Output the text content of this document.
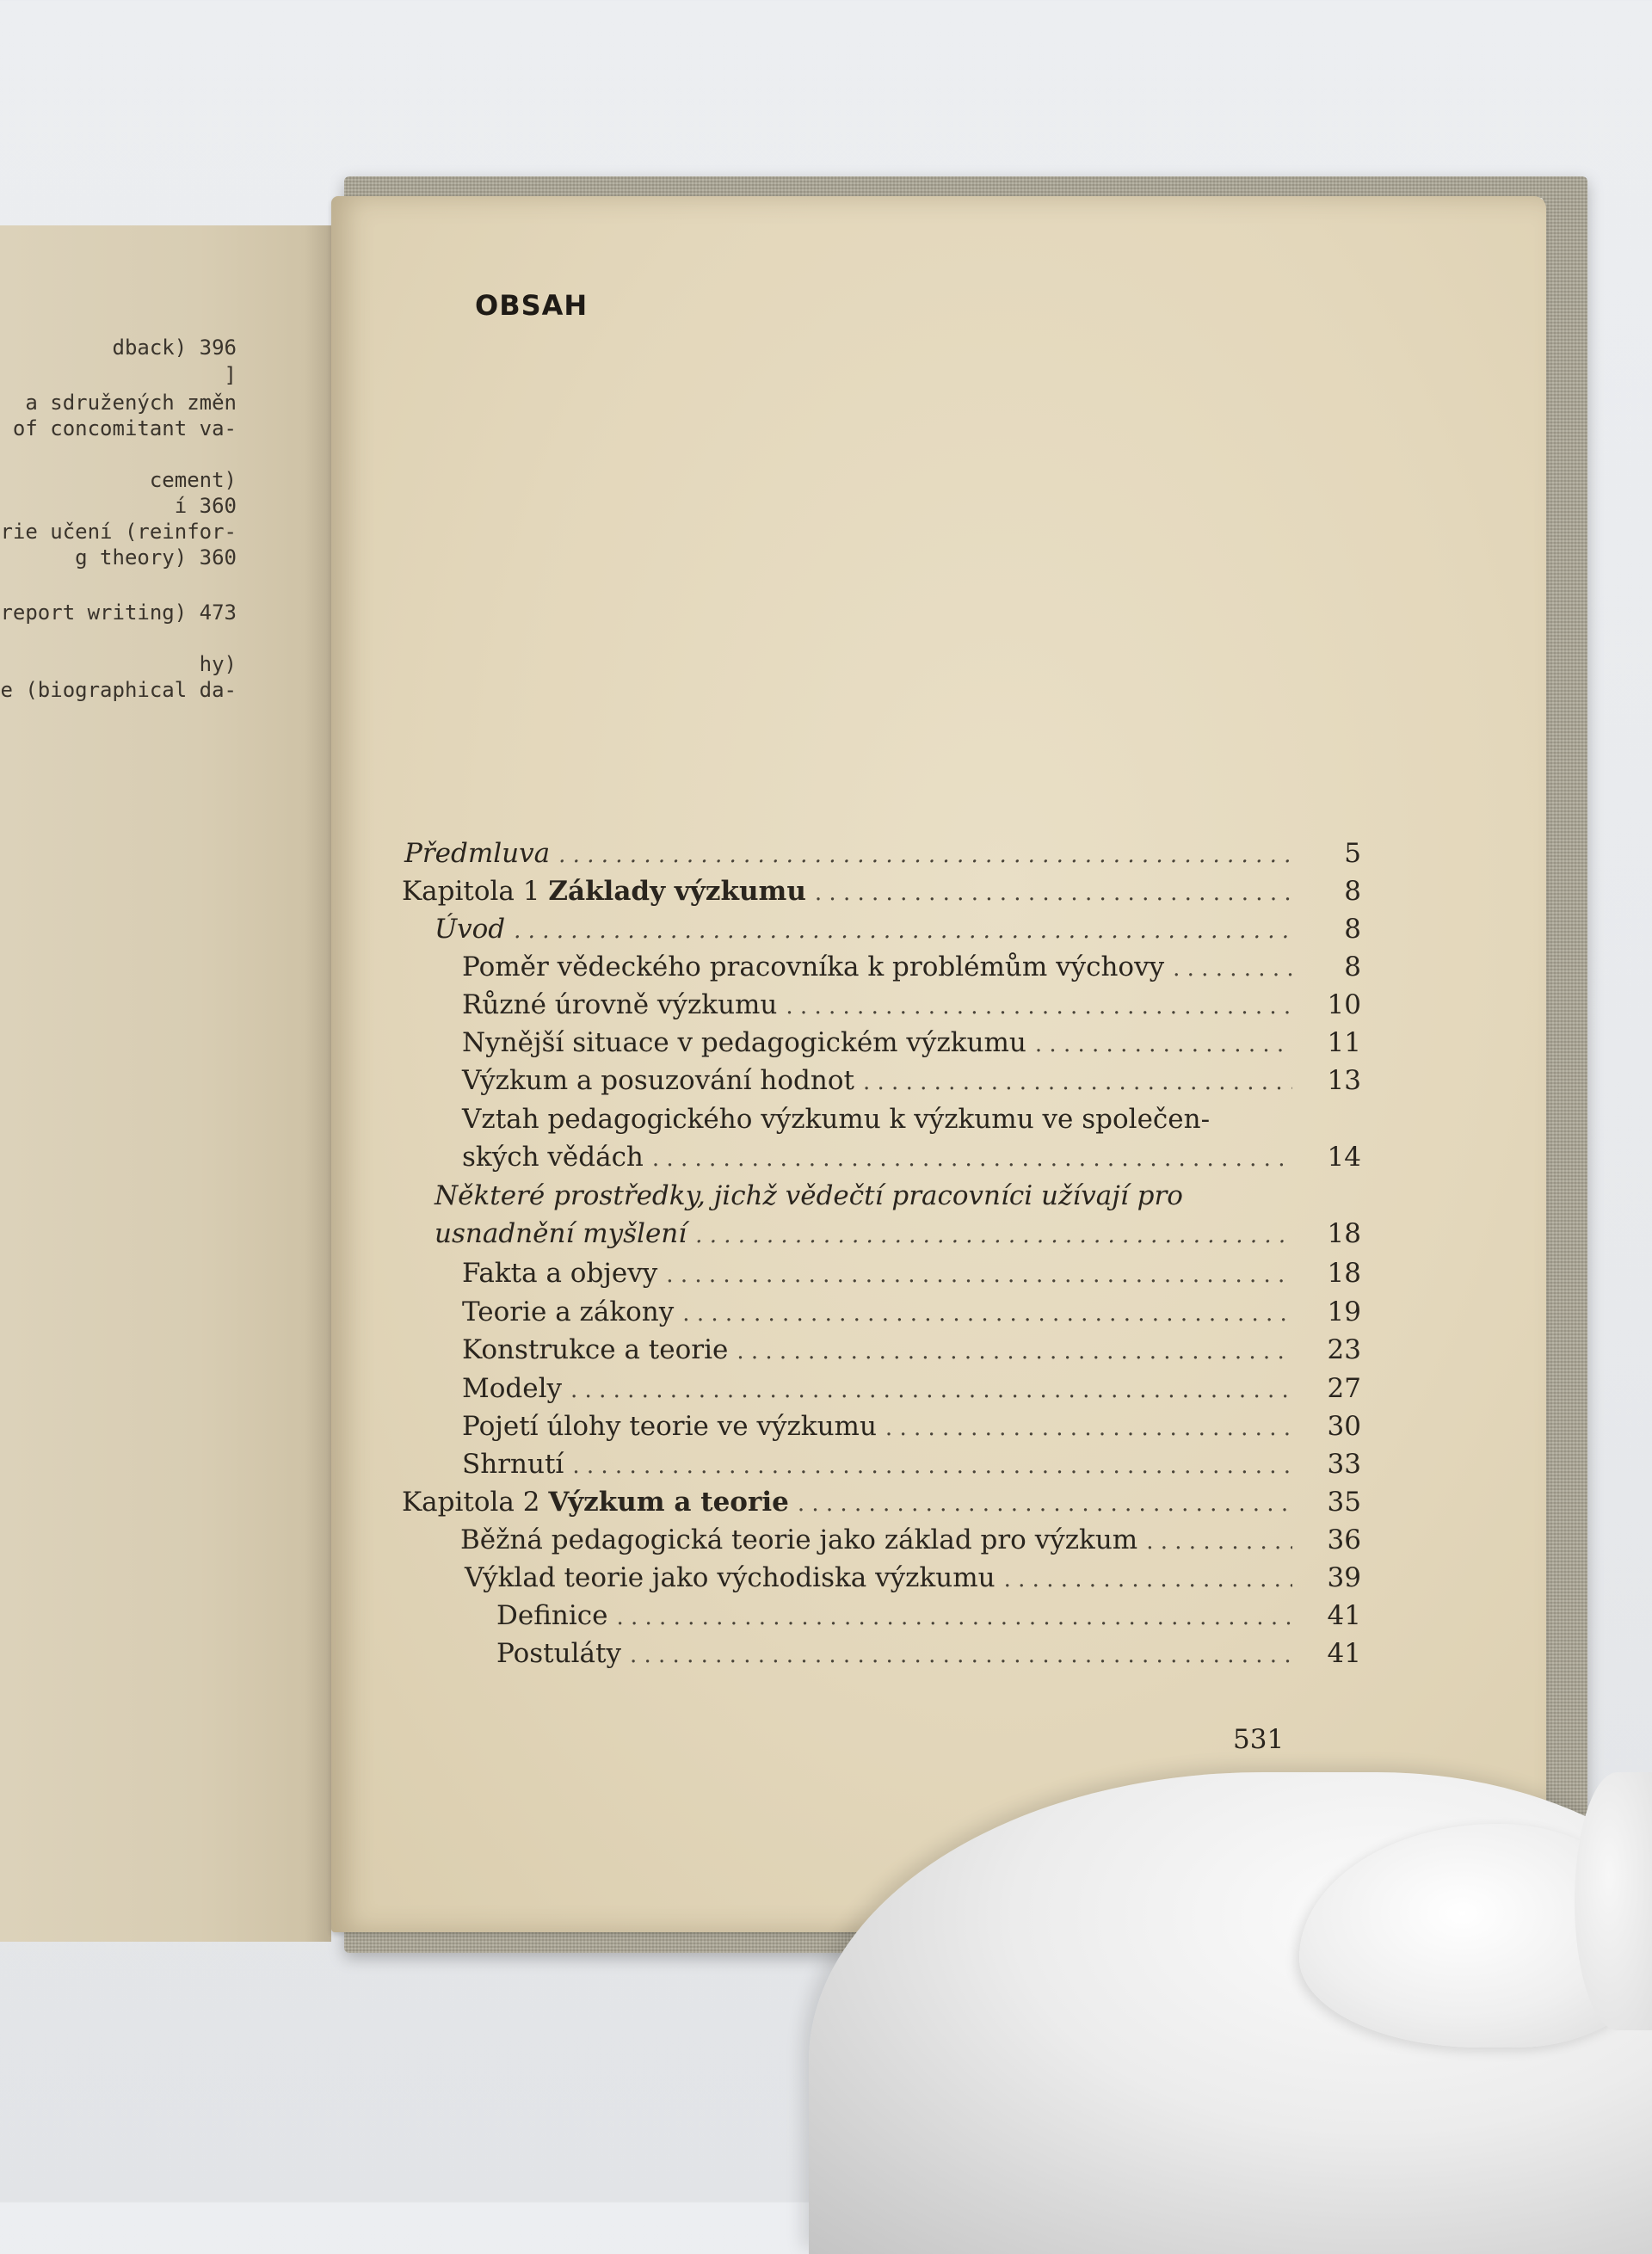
dback) 396
]
a sdružených změn
of concomitant va-
cement)
í 360
rie učení (reinfor-
g theory) 360
report writing) 473
hy)
e (biographical da-
OBSAH
Předmluva . . .	5
Kapitola 1 Základy výzkumu . . .	8
Úvod . . .	8
Poměr vědeckého pracovníka k problémům výchovy . . .	8
Různé úrovně výzkumu . . .	10
Nynější situace v pedagogickém výzkumu . . .	11
Výzkum a posuzování hodnot . . .	13
Vztah pedagogického výzkumu k výzkumu ve společen-
ských vědách . . .	14
Některé prostředky, jichž vědečtí pracovníci užívají pro
usnadnění myšlení . . .	18
Fakta a objevy . . .	18
Teorie a zákony . . .	19
Konstrukce a teorie . . .	23
Modely . . .	27
Pojetí úlohy teorie ve výzkumu . . .	30
Shrnutí . . .	33
Kapitola 2 Výzkum a teorie . . .	35
Běžná pedagogická teorie jako základ pro výzkum . . .	36
Výklad teorie jako východiska výzkumu . . .	39
Definice . . .	41
Postuláty . . .	41

531
